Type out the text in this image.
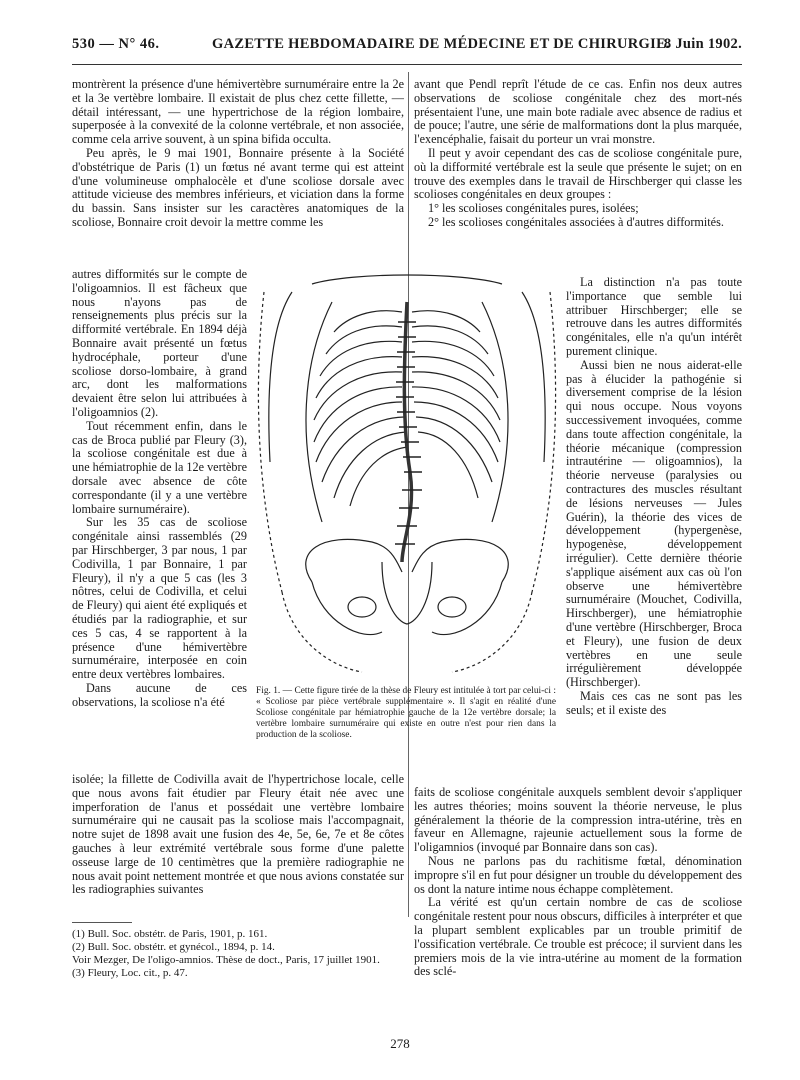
530 — N° 46.	GAZETTE HEBDOMADAIRE DE MÉDECINE ET DE CHIRURGIE.
8 Juin 1902.

montrèrent la présence d'une hémivertèbre surnuméraire entre la 2e et la 3e vertèbre lombaire. Il existait de plus chez cette fillette, — détail intéressant, — une hypertrichose de la région lombaire, superposée à la convexité de la colonne vertébrale, et non associée, comme cela arrive souvent, à un spina bifida occulta.

Peu après, le 9 mai 1901, Bonnaire présente à la Société d'obstétrique de Paris (1) un fœtus né avant terme qui est atteint d'une volumineuse omphalocèle et d'une scoliose dorsale avec attitude vicieuse des membres inférieurs, et viciation dans la forme du bassin. Sans insister sur les caractères anatomiques de la scoliose, Bonnaire croit devoir la mettre comme les

autres difformités sur le compte de l'oligoamnios. Il est fâcheux que nous n'ayons pas de renseignements plus précis sur la difformité vertébrale. En 1894 déjà Bonnaire avait présenté un fœtus hydrocéphale, porteur d'une scoliose dorso-lombaire, à grand arc, dont les malformations devaient être selon lui attribuées à l'oligoamnios (2).

Tout récemment enfin, dans le cas de Broca publié par Fleury (3), la scoliose congénitale est due à une hémiatrophie de la 12e vertèbre dorsale avec absence de côte correspondante (il y a une vertèbre lombaire surnuméraire).

Sur les 35 cas de scoliose congénitale ainsi rassemblés (29 par Hirschberger, 3 par nous, 1 par Codivilla, 1 par Bonnaire, 1 par Fleury), il n'y a que 5 cas (les 3 nôtres, celui de Codivilla, et celui de Fleury) qui aient été expliqués et étudiés par la radiographie, et sur ces 5 cas, 4 se rapportent à la présence d'une hémivertèbre surnuméraire, interposée en coin entre deux vertèbres lombaires.

Dans aucune de ces observations, la scoliose n'a été

isolée; la fillette de Codivilla avait de l'hypertrichose locale, celle que nous avons fait étudier par Fleury était née avec une imperforation de l'anus et possédait une vertèbre lombaire surnuméraire qui ne causait pas la scoliose mais l'accompagnait, notre sujet de 1898 avait une fusion des 4e, 5e, 6e, 7e et 8e côtes gauches à leur extrémité vertébrale sous forme d'une palette osseuse large de 10 centimètres que la première radiographie ne nous avait point nettement montrée et que nous avions constatée sur les radiographies suivantes

avant que Pendl reprît l'étude de ce cas. Enfin nos deux autres observations de scoliose congénitale chez des mort-nés présentaient l'une, une main bote radiale avec absence de radius et de pouce; l'autre, une série de malformations dont la plus marquée, l'exencéphalie, faisait du porteur un vrai monstre.

Il peut y avoir cependant des cas de scoliose congénitale pure, où la difformité vertébrale est la seule que présente le sujet; on en trouve des exemples dans le travail de Hirschberger qui classe les scolioses congénitales en deux groupes :

1° les scolioses congénitales pures, isolées;

2° les scolioses congénitales associées à d'autres difformités.

La distinction n'a pas toute l'importance que semble lui attribuer Hirschberger; elle se retrouve dans les autres difformités congénitales, elle n'a qu'un intérêt purement clinique.

Aussi bien ne nous aiderat-elle pas à élucider la pathogénie si diversement comprise de la lésion qui nous occupe. Nous voyons successivement invoquées, comme dans toute affection congénitale, la théorie mécanique (compression intrautérine — oligoamnios), la théorie nerveuse (paralysies ou contractures des muscles résultant de lésions nerveuses — Jules Guérin), la théorie des vices de développement (hypergenèse, hypogenèse, développement irrégulier). Cette dernière théorie s'applique aisément aux cas où l'on observe une hémivertèbre surnuméraire (Mouchet, Codivilla, Hirschberger), une hémiatrophie d'une vertèbre (Hirschberger, Broca et Fleury), une fusion de deux vertèbres en une seule irrégulièrement développée (Hirschberger).

Mais ces cas ne sont pas les seuls; et il existe des

faits de scoliose congénitale auxquels semblent devoir s'appliquer les autres théories; moins souvent la théorie nerveuse, le plus généralement la théorie de la compression intra-utérine, très en faveur en Allemagne, rajeunie actuellement sous la forme de l'oligamnios (invoqué par Bonnaire dans son cas).

Nous ne parlons pas du rachitisme fœtal, dénomination impropre s'il en fut pour désigner un trouble du développement des os dont la nature intime nous échappe complètement.

La vérité est qu'un certain nombre de cas de scoliose congénitale restent pour nous obscurs, difficiles à interpréter et que la plupart semblent explicables par un trouble primitif de l'ossification vertébrale. Ce trouble est précoce; il survient dans les premiers mois de la vie intra-utérine au moment de la formation des sclé-

Fig. 1. — Cette figure tirée de la thèse de Fleury est intitulée à tort par celui-ci : « Scoliose par pièce vertébrale supplémentaire ». Il s'agit en réalité d'une Scoliose congénitale par hémiatrophie gauche de la 12e vertèbre dorsale; la vertèbre lombaire surnuméraire qui existe en outre n'est pour rien dans la production de la scoliose.

(1) Bull. Soc. obstétr. de Paris, 1901, p. 161.

(2) Bull. Soc. obstétr. et gynécol., 1894, p. 14.

Voir Mezger, De l'oligo-amnios. Thèse de doct., Paris, 17 juillet 1901.

(3) Fleury, Loc. cit., p. 47.

278
